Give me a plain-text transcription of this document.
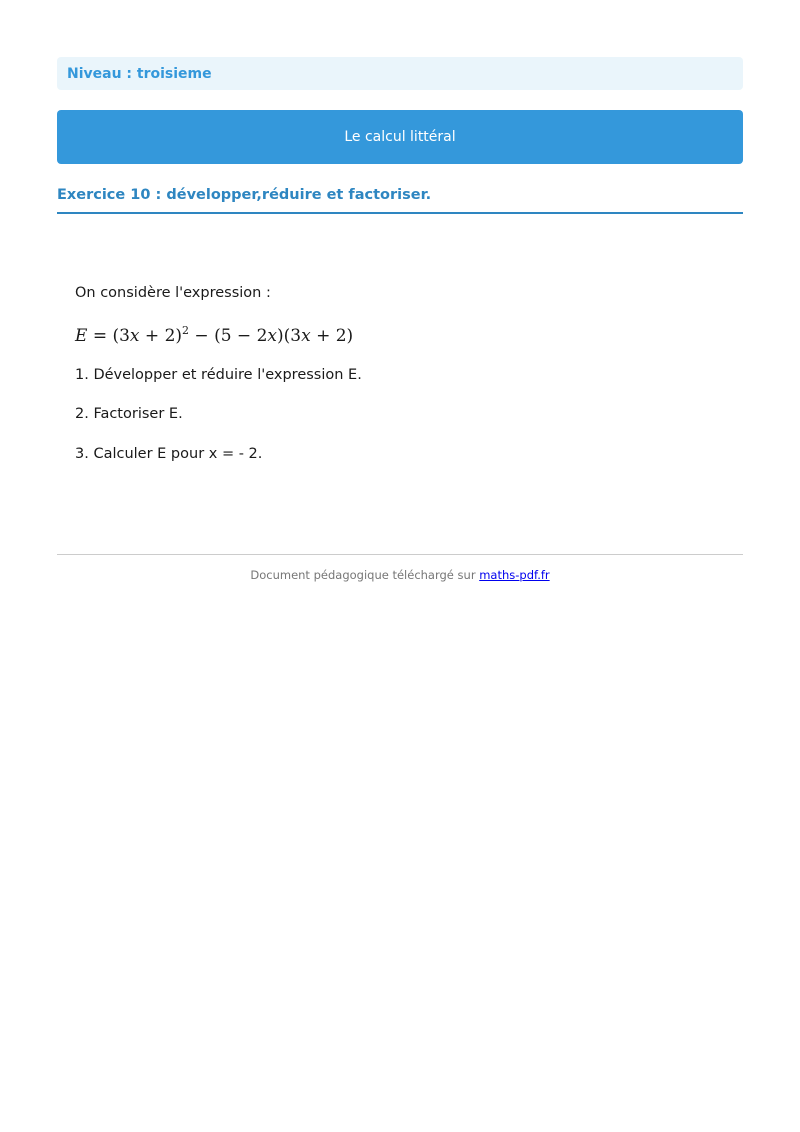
Niveau : troisieme
Le calcul littéral
Exercice 10 : développer,réduire et factoriser.
On considère l'expression :
$E = (3x + 2)^2 - (5 - 2x)(3x + 2)$
1. Développer et réduire l'expression E.
2. Factoriser E.
3. Calculer E pour x = - 2.
Document pédagogique téléchargé sur maths-pdf.fr
